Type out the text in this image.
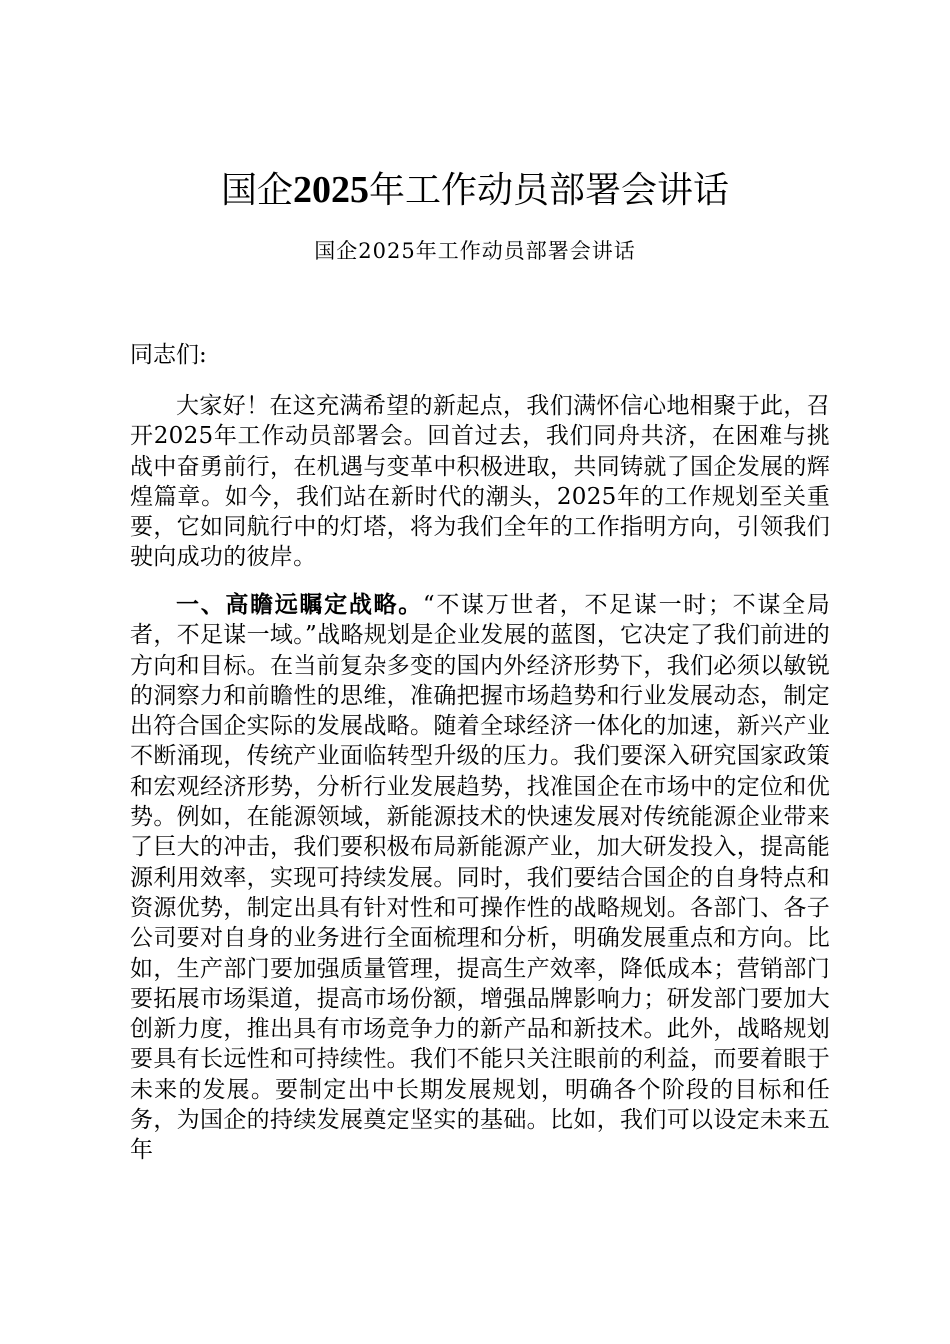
国企2025年工作动员部署会讲话

国企2025年工作动员部署会讲话

同志们:

大家好！在这充满希望的新起点，我们满怀信心地相聚于此，召开2025年工作动员部署会。回首过去，我们同舟共济，在困难与挑战中奋勇前行，在机遇与变革中积极进取，共同铸就了国企发展的辉煌篇章。如今，我们站在新时代的潮头，2025年的工作规划至关重要，它如同航行中的灯塔，将为我们全年的工作指明方向，引领我们驶向成功的彼岸。

一、高瞻远瞩定战略。“不谋万世者，不足谋一时；不谋全局者，不足谋一域。”战略规划是企业发展的蓝图，它决定了我们前进的方向和目标。在当前复杂多变的国内外经济形势下，我们必须以敏锐的洞察力和前瞻性的思维，准确把握市场趋势和行业发展动态，制定出符合国企实际的发展战略。随着全球经济一体化的加速，新兴产业不断涌现，传统产业面临转型升级的压力。我们要深入研究国家政策和宏观经济形势，分析行业发展趋势，找准国企在市场中的定位和优势。例如，在能源领域，新能源技术的快速发展对传统能源企业带来了巨大的冲击，我们要积极布局新能源产业，加大研发投入，提高能源利用效率，实现可持续发展。同时，我们要结合国企的自身特点和资源优势，制定出具有针对性和可操作性的战略规划。各部门、各子公司要对自身的业务进行全面梳理和分析，明确发展重点和方向。比如，生产部门要加强质量管理，提高生产效率，降低成本；营销部门要拓展市场渠道，提高市场份额，增强品牌影响力；研发部门要加大创新力度，推出具有市场竞争力的新产品和新技术。此外，战略规划要具有长远性和可持续性。我们不能只关注眼前的利益，而要着眼于未来的发展。要制定出中长期发展规划，明确各个阶段的目标和任务，为国企的持续发展奠定坚实的基础。比如，我们可以设定未来五年
